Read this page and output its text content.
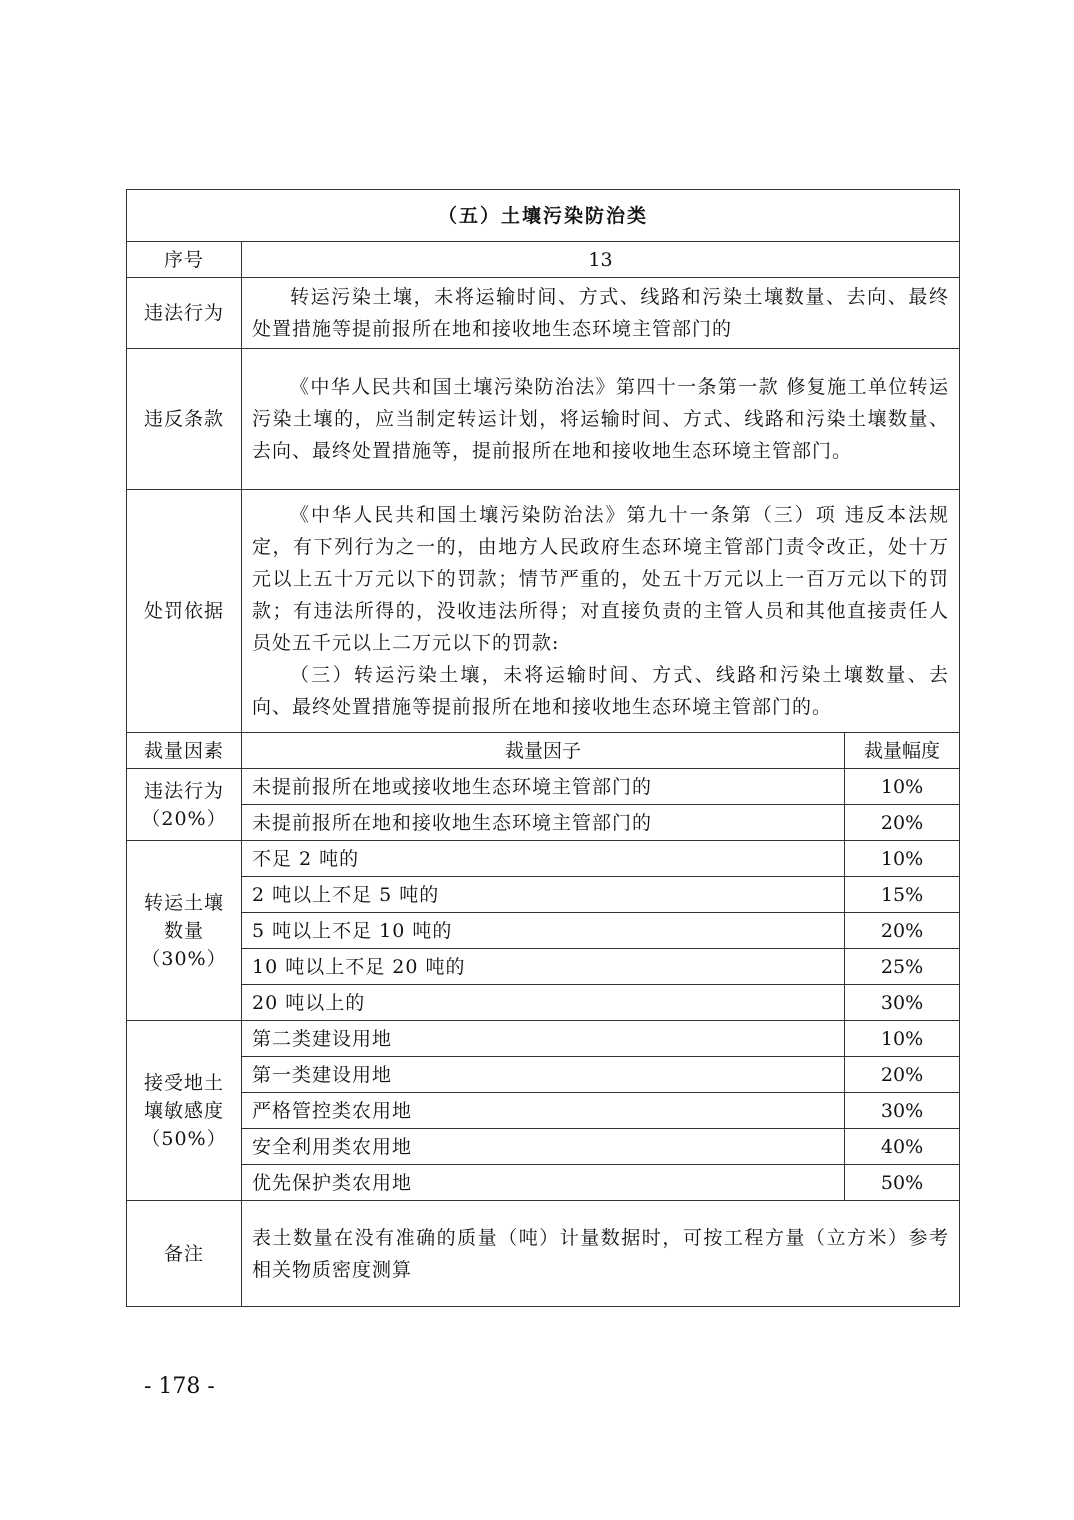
（五）土壤污染防治类		
序号	13	
违法行为	转运污染土壤，未将运输时间、方式、线路和污染土壤数量、去向、最终处置措施等提前报所在地和接收地生态环境主管部门的	

违反条款	《中华人民共和国土壤污染防治法》第四十一条第一款 修复施工单位转运污染土壤的，应当制定转运计划，将运输时间、方式、线路和污染土壤数量、去向、最终处置措施等，提前报所在地和接收地生态环境主管部门。	

处罚依据	《中华人民共和国土壤污染防治法》第九十一条第（三）项 违反本法规定，有下列行为之一的，由地方人民政府生态环境主管部门责令改正，处十万元以上五十万元以下的罚款；情节严重的，处五十万元以上一百万元以下的罚款；有违法所得的，没收违法所得；对直接负责的主管人员和其他直接责任人员处五千元以上二万元以下的罚款:
（三）转运污染土壤，未将运输时间、方式、线路和污染土壤数量、去向、最终处置措施等提前报所在地和接收地生态环境主管部门的。	

裁量因素	裁量因子	裁量幅度

违法行为
（20%）	未提前报所在地或接收地生态环境主管部门的	10%
	未提前报所在地和接收地生态环境主管部门的	20%

转运土壤
数量
（30%）	不足 2 吨的	10%
	2 吨以上不足 5 吨的	15%
	5 吨以上不足 10 吨的	20%
	10 吨以上不足 20 吨的	25%
	20 吨以上的	30%

接受地土
壤敏感度
（50%）	第二类建设用地	10%
	第一类建设用地	20%
	严格管控类农用地	30%
	安全利用类农用地	40%
	优先保护类农用地	50%
备注	表土数量在没有准确的质量（吨）计量数据时，可按工程方量（立方米）参考相关物质密度测算	
- 178 -
